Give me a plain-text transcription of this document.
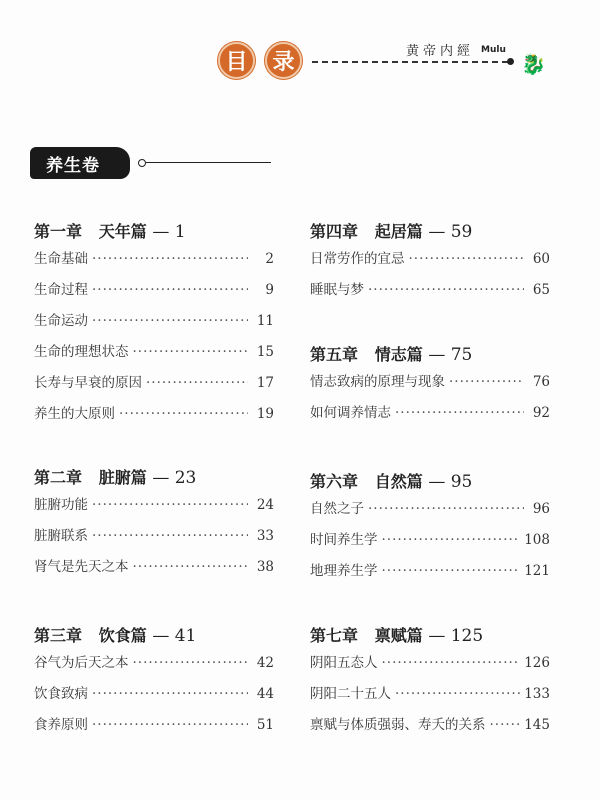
目	录	黄帝内經 Mulu
🐉
养生卷
第一章 天年篇 — 1
生命基础 ·····	2
生命过程 ·····	9
生命运动 ·····	11
生命的理想状态 ·····	15
长寿与早衰的原因 ·····	17
养生的大原则 ·····	19
第二章 脏腑篇 — 23
脏腑功能 ·····	24
脏腑联系 ·····	33
肾气是先天之本 ·····	38
第三章 饮食篇 — 41
谷气为后天之本 ·····	42
饮食致病 ·····	44
食养原则 ·····	51
第四章 起居篇 — 59
日常劳作的宜忌 ·····	60
睡眠与梦 ·····	65
第五章 情志篇 — 75
情志致病的原理与现象 ·····	76
如何调养情志 ·····	92
第六章 自然篇 — 95
自然之子 ·····	96
时间养生学 ·····	108
地理养生学 ·····	121
第七章 禀赋篇 — 125
阴阳五态人 ·····	126
阴阳二十五人 ·····	133
禀赋与体质强弱、寿夭的关系 ·····	145
